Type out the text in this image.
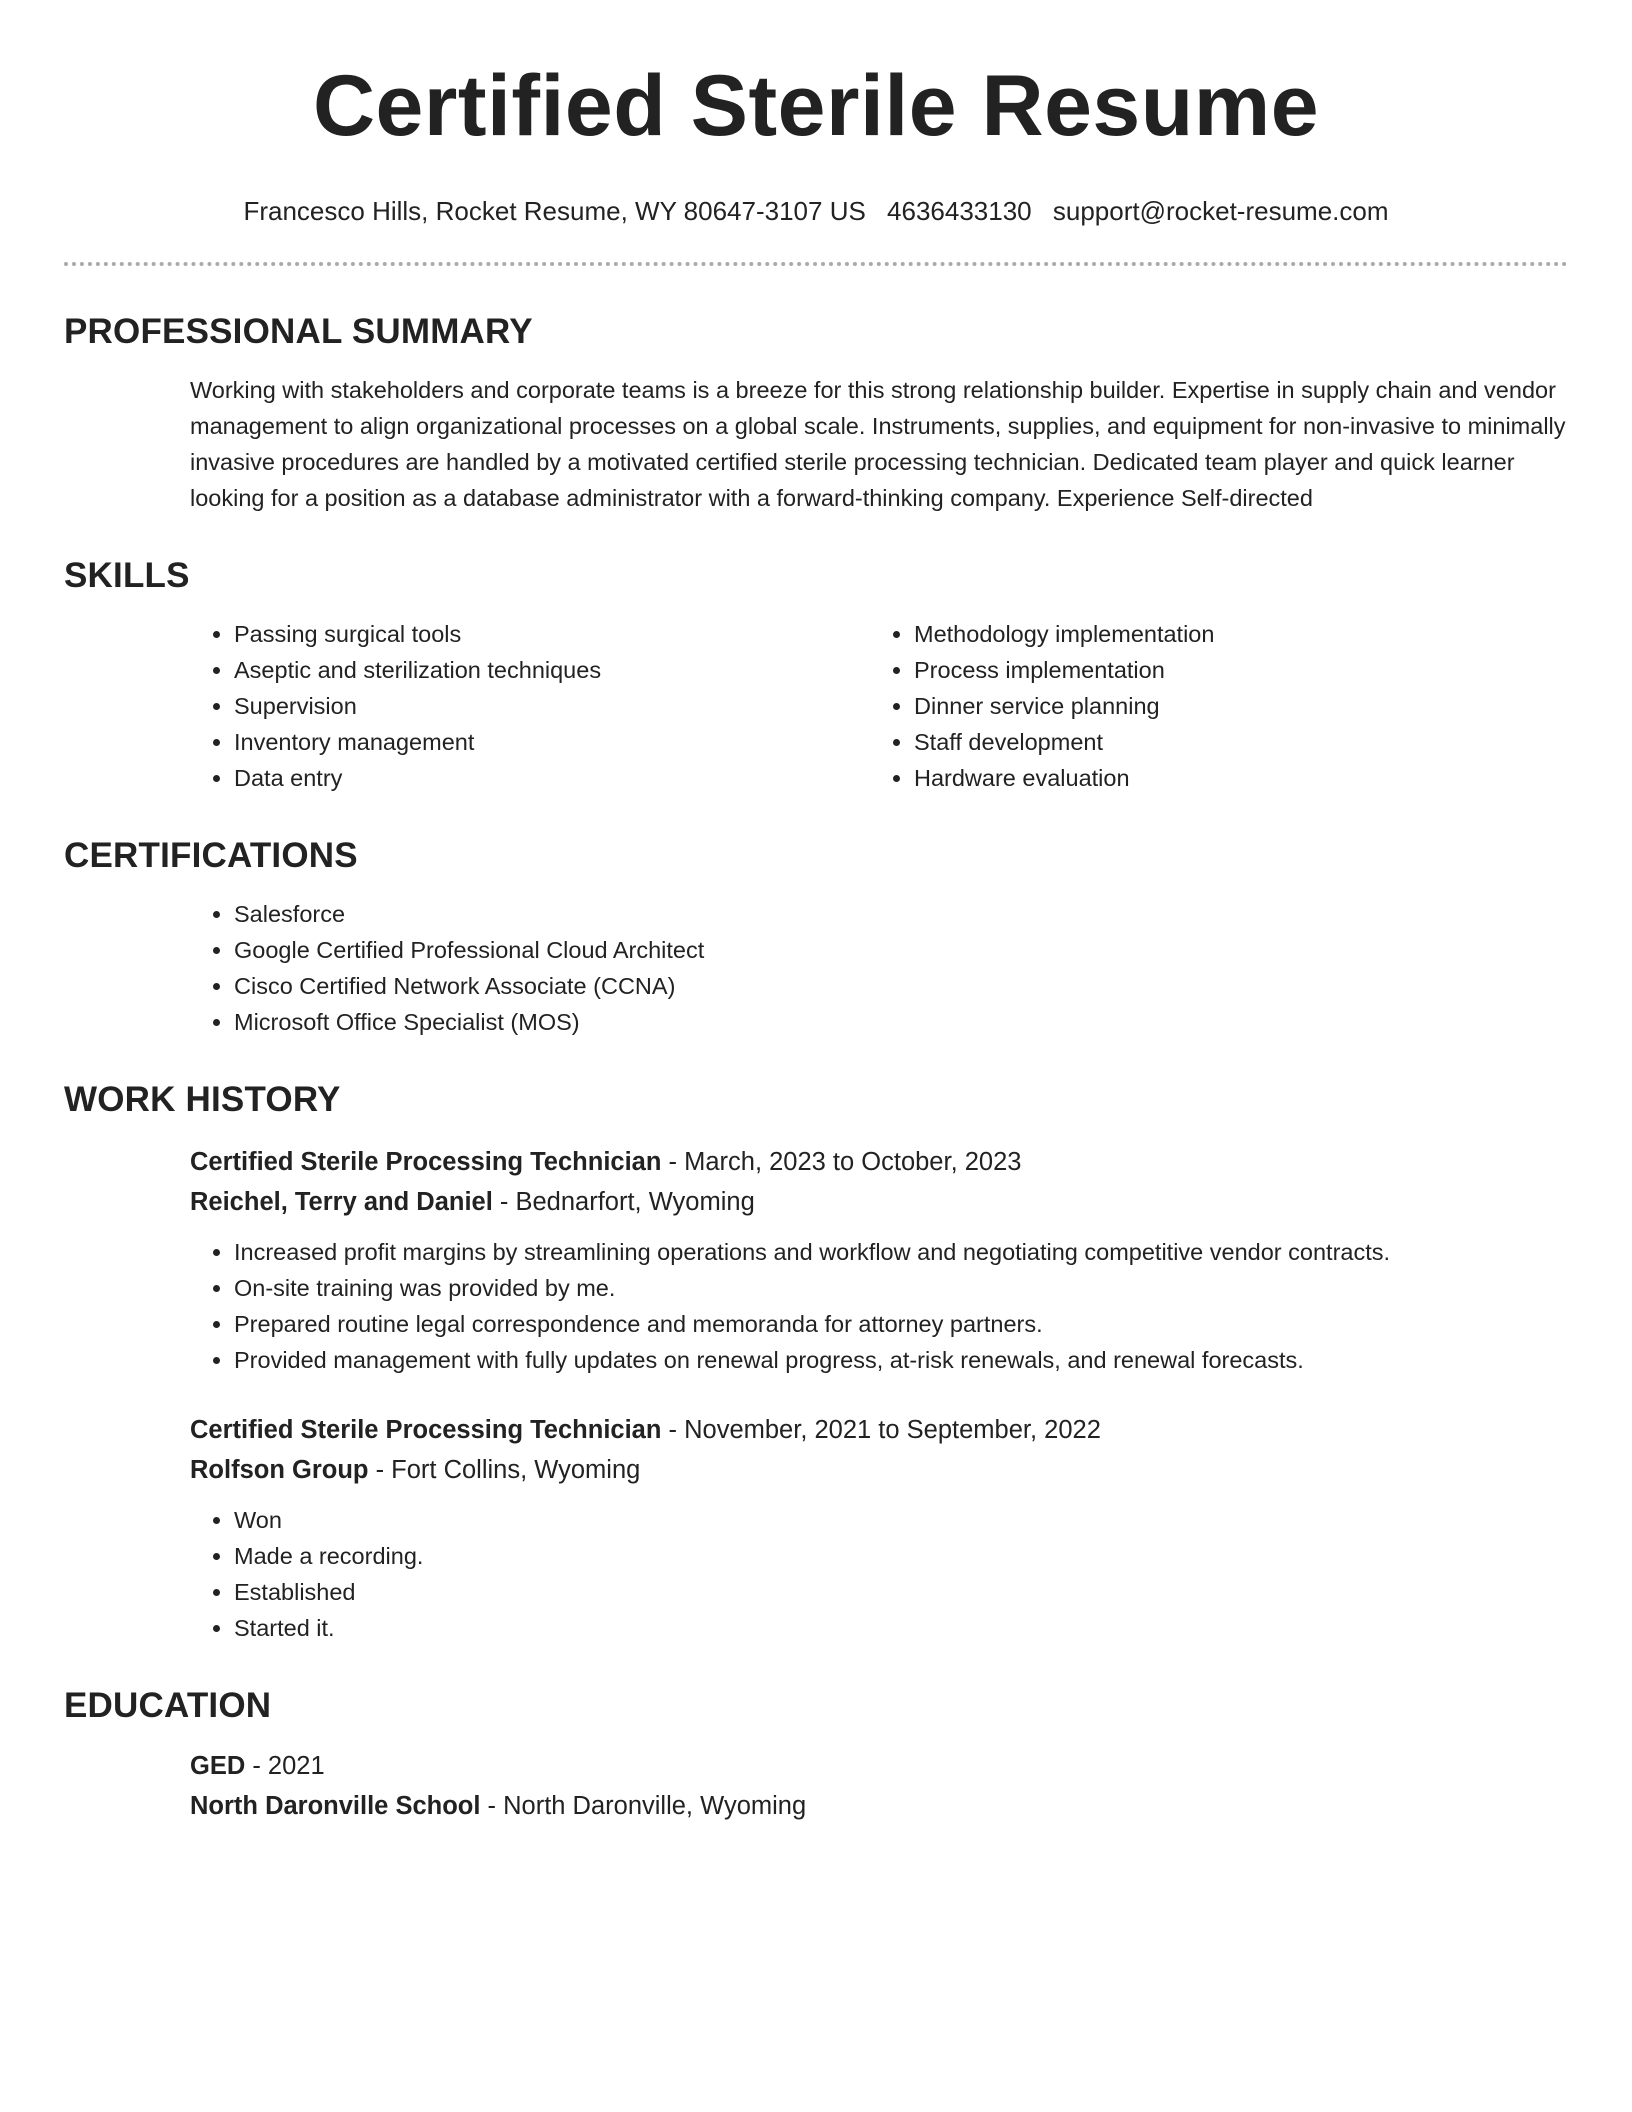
Certified Sterile Resume
Francesco Hills, Rocket Resume, WY 80647-3107 US 4636433130 support@rocket-resume.com
PROFESSIONAL SUMMARY

Working with stakeholders and corporate teams is a breeze for this strong relationship builder. Expertise in supply chain and vendor management to align organizational processes on a global scale. Instruments, supplies, and equipment for non-invasive to minimally invasive procedures are handled by a motivated certified sterile processing technician. Dedicated team player and quick learner looking for a position as a database administrator with a forward-thinking company. Experience Self-directed

SKILLS
• Passing surgical tools
• Aseptic and sterilization techniques
• Supervision
• Inventory management
• Data entry
• Methodology implementation
• Process implementation
• Dinner service planning
• Staff development
• Hardware evaluation
CERTIFICATIONS
• Salesforce
• Google Certified Professional Cloud Architect
• Cisco Certified Network Associate (CCNA)
• Microsoft Office Specialist (MOS)
WORK HISTORY
Certified Sterile Processing Technician - March, 2023 to October, 2023
Reichel, Terry and Daniel - Bednarfort, Wyoming
• Increased profit margins by streamlining operations and workflow and negotiating competitive vendor contracts.
• On-site training was provided by me.
• Prepared routine legal correspondence and memoranda for attorney partners.
• Provided management with fully updates on renewal progress, at-risk renewals, and renewal forecasts.
Certified Sterile Processing Technician - November, 2021 to September, 2022
Rolfson Group - Fort Collins, Wyoming
• Won
• Made a recording.
• Established
• Started it.
EDUCATION
GED - 2021
North Daronville School - North Daronville, Wyoming
